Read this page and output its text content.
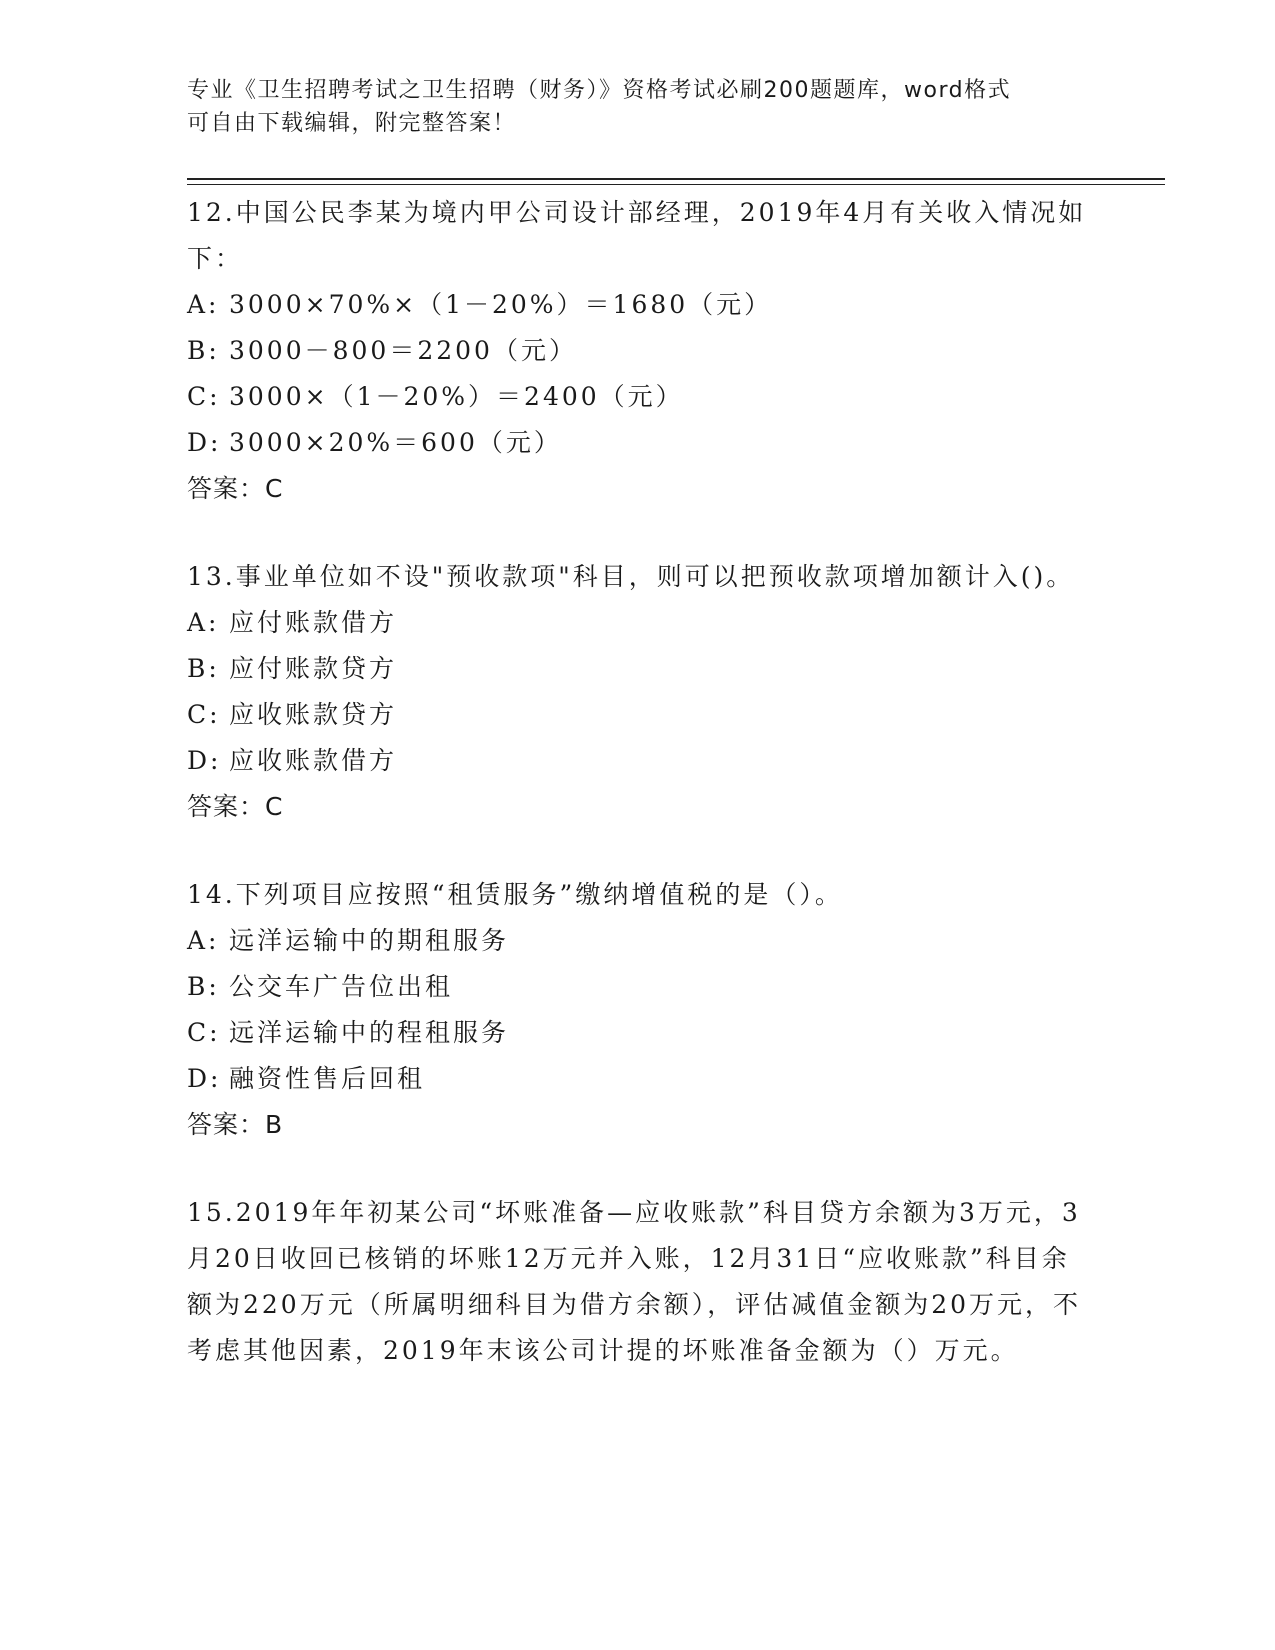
专业《卫生招聘考试之卫生招聘（财务）》资格考试必刷200题题库，word格式
可自由下载编辑，附完整答案！

12.中国公民李某为境内甲公司设计部经理，2019年4月有关收入情况如下：

A: 3000×70%×（1－20%）＝1680（元）

B: 3000－800＝2200（元）

C: 3000×（1－20%）＝2400（元）

D: 3000×20%＝600（元）

答案：C

13.事业单位如不设"预收款项"科目，则可以把预收款项增加额计入()。

A: 应付账款借方

B: 应付账款贷方

C: 应收账款贷方

D: 应收账款借方

答案：C

14.下列项目应按照“租赁服务”缴纳增值税的是（）。

A: 远洋运输中的期租服务

B: 公交车广告位出租

C: 远洋运输中的程租服务

D: 融资性售后回租

答案：B

15.2019年年初某公司“坏账准备—应收账款”科目贷方余额为3万元，3月20日收回已核销的坏账12万元并入账，12月31日“应收账款”科目余额为220万元（所属明细科目为借方余额），评估减值金额为20万元，不考虑其他因素，2019年末该公司计提的坏账准备金额为（）万元。
